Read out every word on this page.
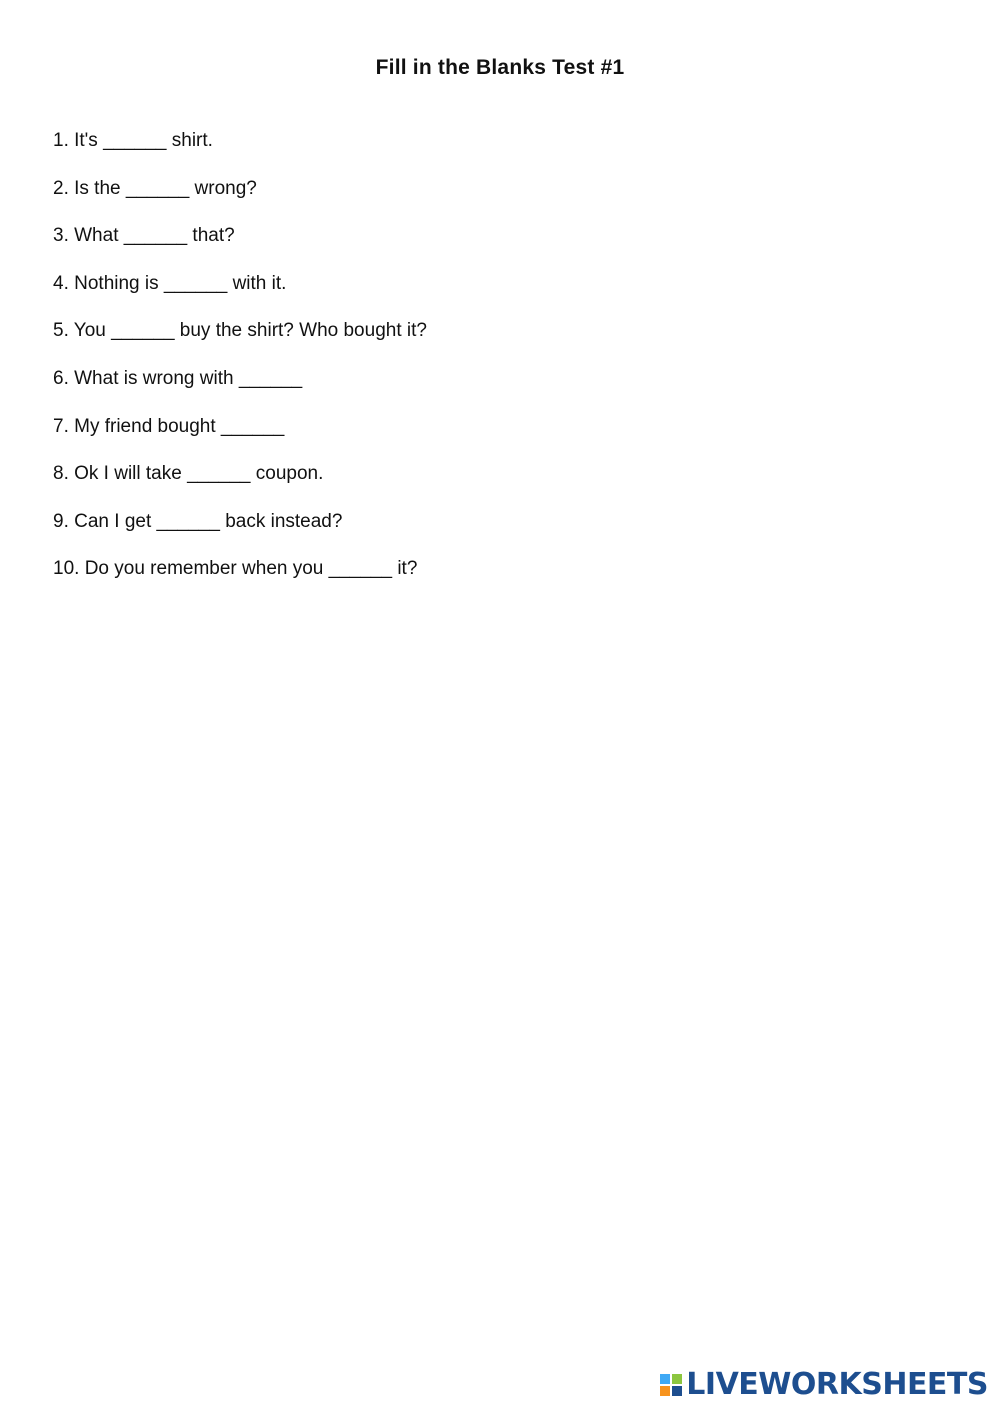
Fill in the Blanks Test #1
1. It's ______ shirt.
2. Is the ______ wrong?
3. What ______ that?
4. Nothing is ______ with it.
5. You ______ buy the shirt? Who bought it?
6. What is wrong with ______
7. My friend bought ______
8. Ok I will take ______ coupon.
9. Can I get ______ back instead?
10. Do you remember when you ______ it?
LIVEWORKSHEETS
